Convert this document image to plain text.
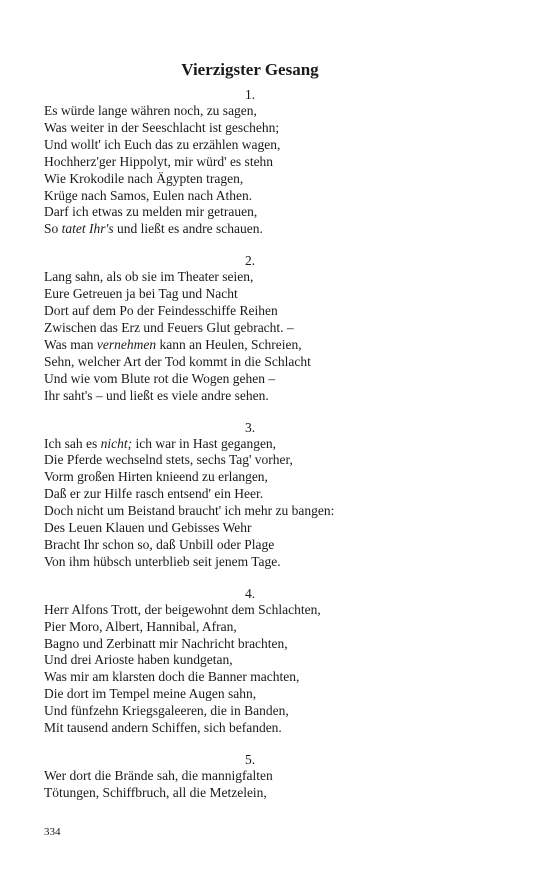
Vierzigster Gesang
1.
Es würde lange währen noch, zu sagen,
Was weiter in der Seeschlacht ist geschehn;
Und wollt' ich Euch das zu erzählen wagen,
Hochherz'ger Hippolyt, mir würd' es stehn
Wie Krokodile nach Ägypten tragen,
Krüge nach Samos, Eulen nach Athen.
Darf ich etwas zu melden mir getrauen,
So tatet Ihr's und ließt es andre schauen.
2.
Lang sahn, als ob sie im Theater seien,
Eure Getreuen ja bei Tag und Nacht
Dort auf dem Po der Feindesschiffe Reihen
Zwischen das Erz und Feuers Glut gebracht. –
Was man vernehmen kann an Heulen, Schreien,
Sehn, welcher Art der Tod kommt in die Schlacht
Und wie vom Blute rot die Wogen gehen –
Ihr saht's – und ließt es viele andre sehen.
3.
Ich sah es nicht; ich war in Hast gegangen,
Die Pferde wechselnd stets, sechs Tag' vorher,
Vorm großen Hirten knieend zu erlangen,
Daß er zur Hilfe rasch entsend' ein Heer.
Doch nicht um Beistand braucht' ich mehr zu bangen:
Des Leuen Klauen und Gebisses Wehr
Bracht Ihr schon so, daß Unbill oder Plage
Von ihm hübsch unterblieb seit jenem Tage.
4.
Herr Alfons Trott, der beigewohnt dem Schlachten,
Pier Moro, Albert, Hannibal, Afran,
Bagno und Zerbinatt mir Nachricht brachten,
Und drei Arioste haben kundgetan,
Was mir am klarsten doch die Banner machten,
Die dort im Tempel meine Augen sahn,
Und fünfzehn Kriegsgaleeren, die in Banden,
Mit tausend andern Schiffen, sich befanden.
5.
Wer dort die Brände sah, die mannigfalten
Tötungen, Schiffbruch, all die Metzelein,
334
